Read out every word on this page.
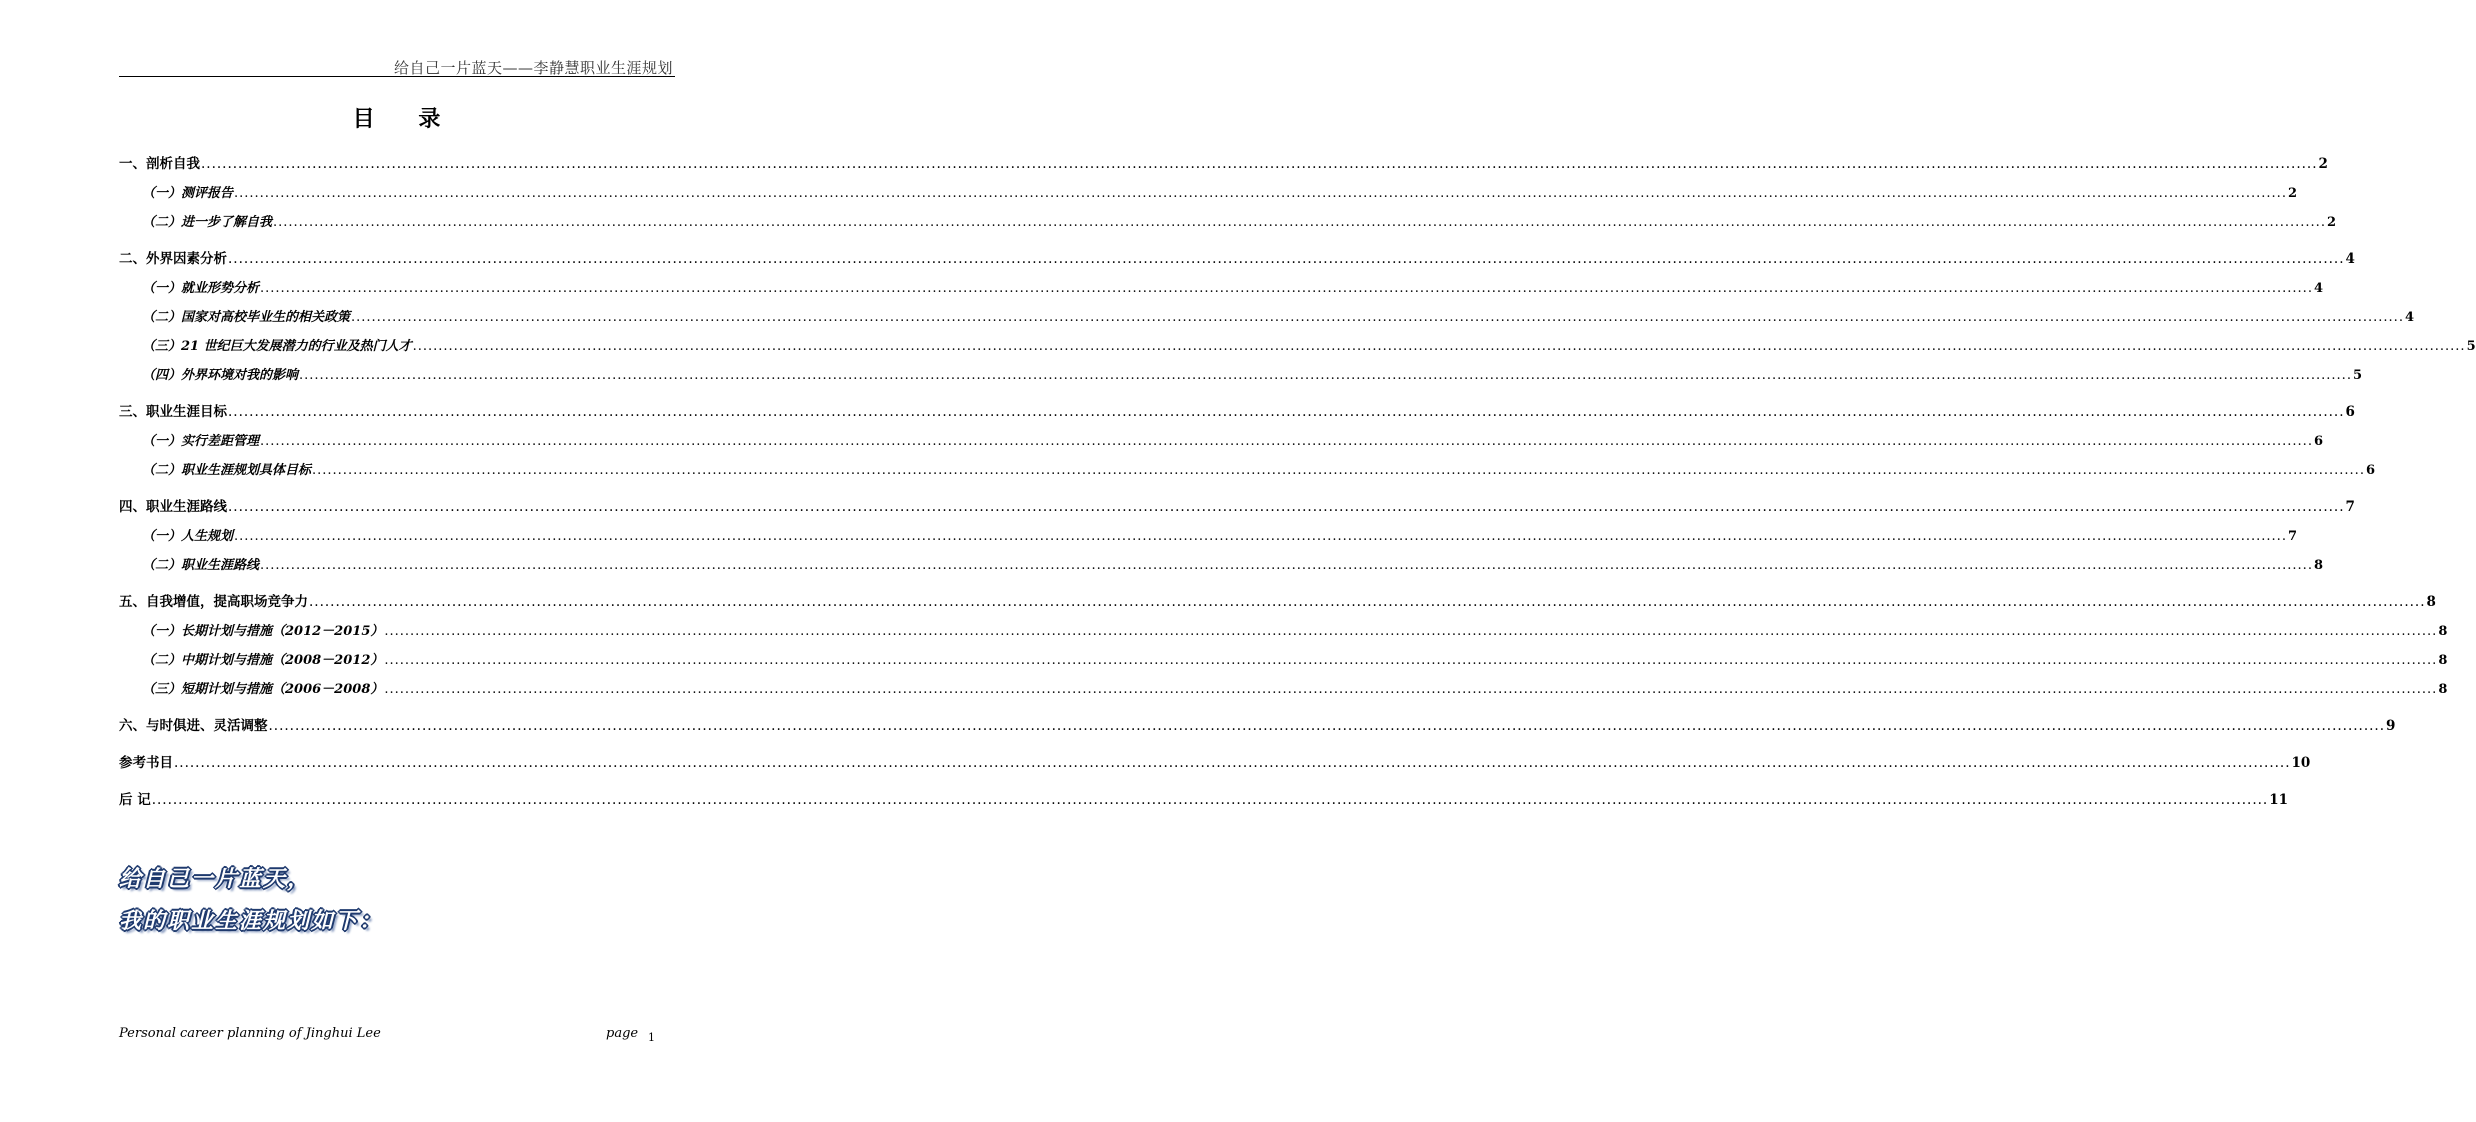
给自己一片蓝天——李静慧职业生涯规划
目 录
一、剖析自我 ................................................................................................................................................................................................................................................................................................................................................................................................................ 2
（一）测评报告 ................................................................................................................................................................................................................................................................................................................................................................................................................ 2
（二）进一步了解自我 ................................................................................................................................................................................................................................................................................................................................................................................................................ 2
二、外界因素分析 ................................................................................................................................................................................................................................................................................................................................................................................................................ 4
（一）就业形势分析 ................................................................................................................................................................................................................................................................................................................................................................................................................ 4
（二）国家对高校毕业生的相关政策 ................................................................................................................................................................................................................................................................................................................................................................................................................ 4
（三）21 世纪巨大发展潜力的行业及热门人才 ................................................................................................................................................................................................................................................................................................................................................................................................................ 5
（四）外界环境对我的影响 ................................................................................................................................................................................................................................................................................................................................................................................................................ 5
三、职业生涯目标 ................................................................................................................................................................................................................................................................................................................................................................................................................ 6
（一）实行差距管理 ................................................................................................................................................................................................................................................................................................................................................................................................................ 6
（二）职业生涯规划具体目标 ................................................................................................................................................................................................................................................................................................................................................................................................................ 6
四、职业生涯路线 ................................................................................................................................................................................................................................................................................................................................................................................................................ 7
（一）人生规划 ................................................................................................................................................................................................................................................................................................................................................................................................................ 7
（二）职业生涯路线 ................................................................................................................................................................................................................................................................................................................................................................................................................ 8
五、自我增值，提高职场竞争力 ................................................................................................................................................................................................................................................................................................................................................................................................................ 8
（一）长期计划与措施（2012－2015） ................................................................................................................................................................................................................................................................................................................................................................................................................ 8
（二）中期计划与措施（2008－2012） ................................................................................................................................................................................................................................................................................................................................................................................................................ 8
（三）短期计划与措施（2006－2008） ................................................................................................................................................................................................................................................................................................................................................................................................................ 8
六、与时俱进、灵活调整 ................................................................................................................................................................................................................................................................................................................................................................................................................ 9
参考书目 ................................................................................................................................................................................................................................................................................................................................................................................................................ 10
后 记 ................................................................................................................................................................................................................................................................................................................................................................................................................ 11
给自己一片蓝天，
我的职业生涯规划如下：
Personal career planning of Jinghui Lee	page 1
